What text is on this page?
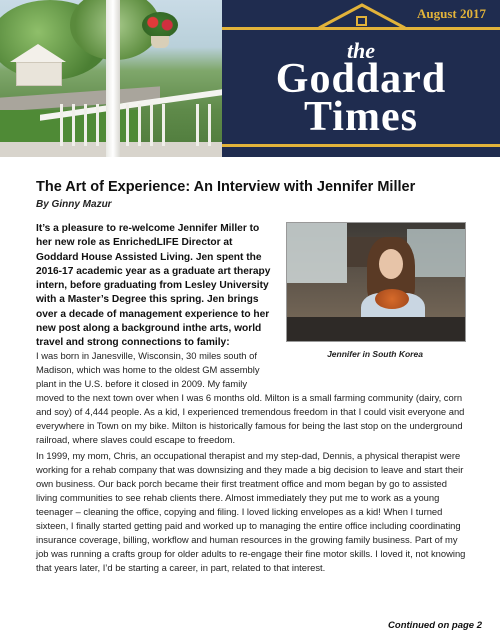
August 2017
the
Goddard
Times
The Art of Experience: An Interview with Jennifer Miller
By Ginny Mazur
It’s a pleasure to re-welcome Jennifer Miller to her new role as EnrichedLIFE Director at Goddard House Assisted Living. Jen spent the 2016-17 academic year as a graduate art therapy intern, before graduating from Lesley University with a Master’s Degree this spring. Jen brings over a decade of management experience to her new post along a background inthe arts, world travel and strong connections to family:
Jennifer in South Korea
I was born in Janesville, Wisconsin, 30 miles south of Madison, which was home to the oldest GM assembly plant in the U.S. before it closed in 2009. My family
moved to the next town over when I was 6 months old. Milton is a small farming community (dairy, corn and soy) of 4,444 people. As a kid, I experienced tremendous freedom in that I could visit everyone and everywhere in Town on my bike. Milton is historically famous for being the last stop on the underground railroad, where slaves could escape to freedom.
In 1999, my mom, Chris, an occupational therapist and my step-dad, Dennis, a physical therapist were working for a rehab company that was downsizing and they made a big decision to leave and start their own business. Our back porch became their first treatment office and mom began by go to assisted living communities to see rehab clients there. Almost immediately they put me to work as a young teenager – cleaning the office, copying and filing. I loved licking envelopes as a kid! When I turned sixteen, I finally started getting paid and worked up to managing the entire office including coordinating insurance coverage, billing, workflow and human resources in the growing family business. Part of my job was running a crafts group for older adults to re-engage their fine motor skills. I loved it, not knowing that years later, I’d be starting a career, in part, related to that interest.
Continued on page 2
